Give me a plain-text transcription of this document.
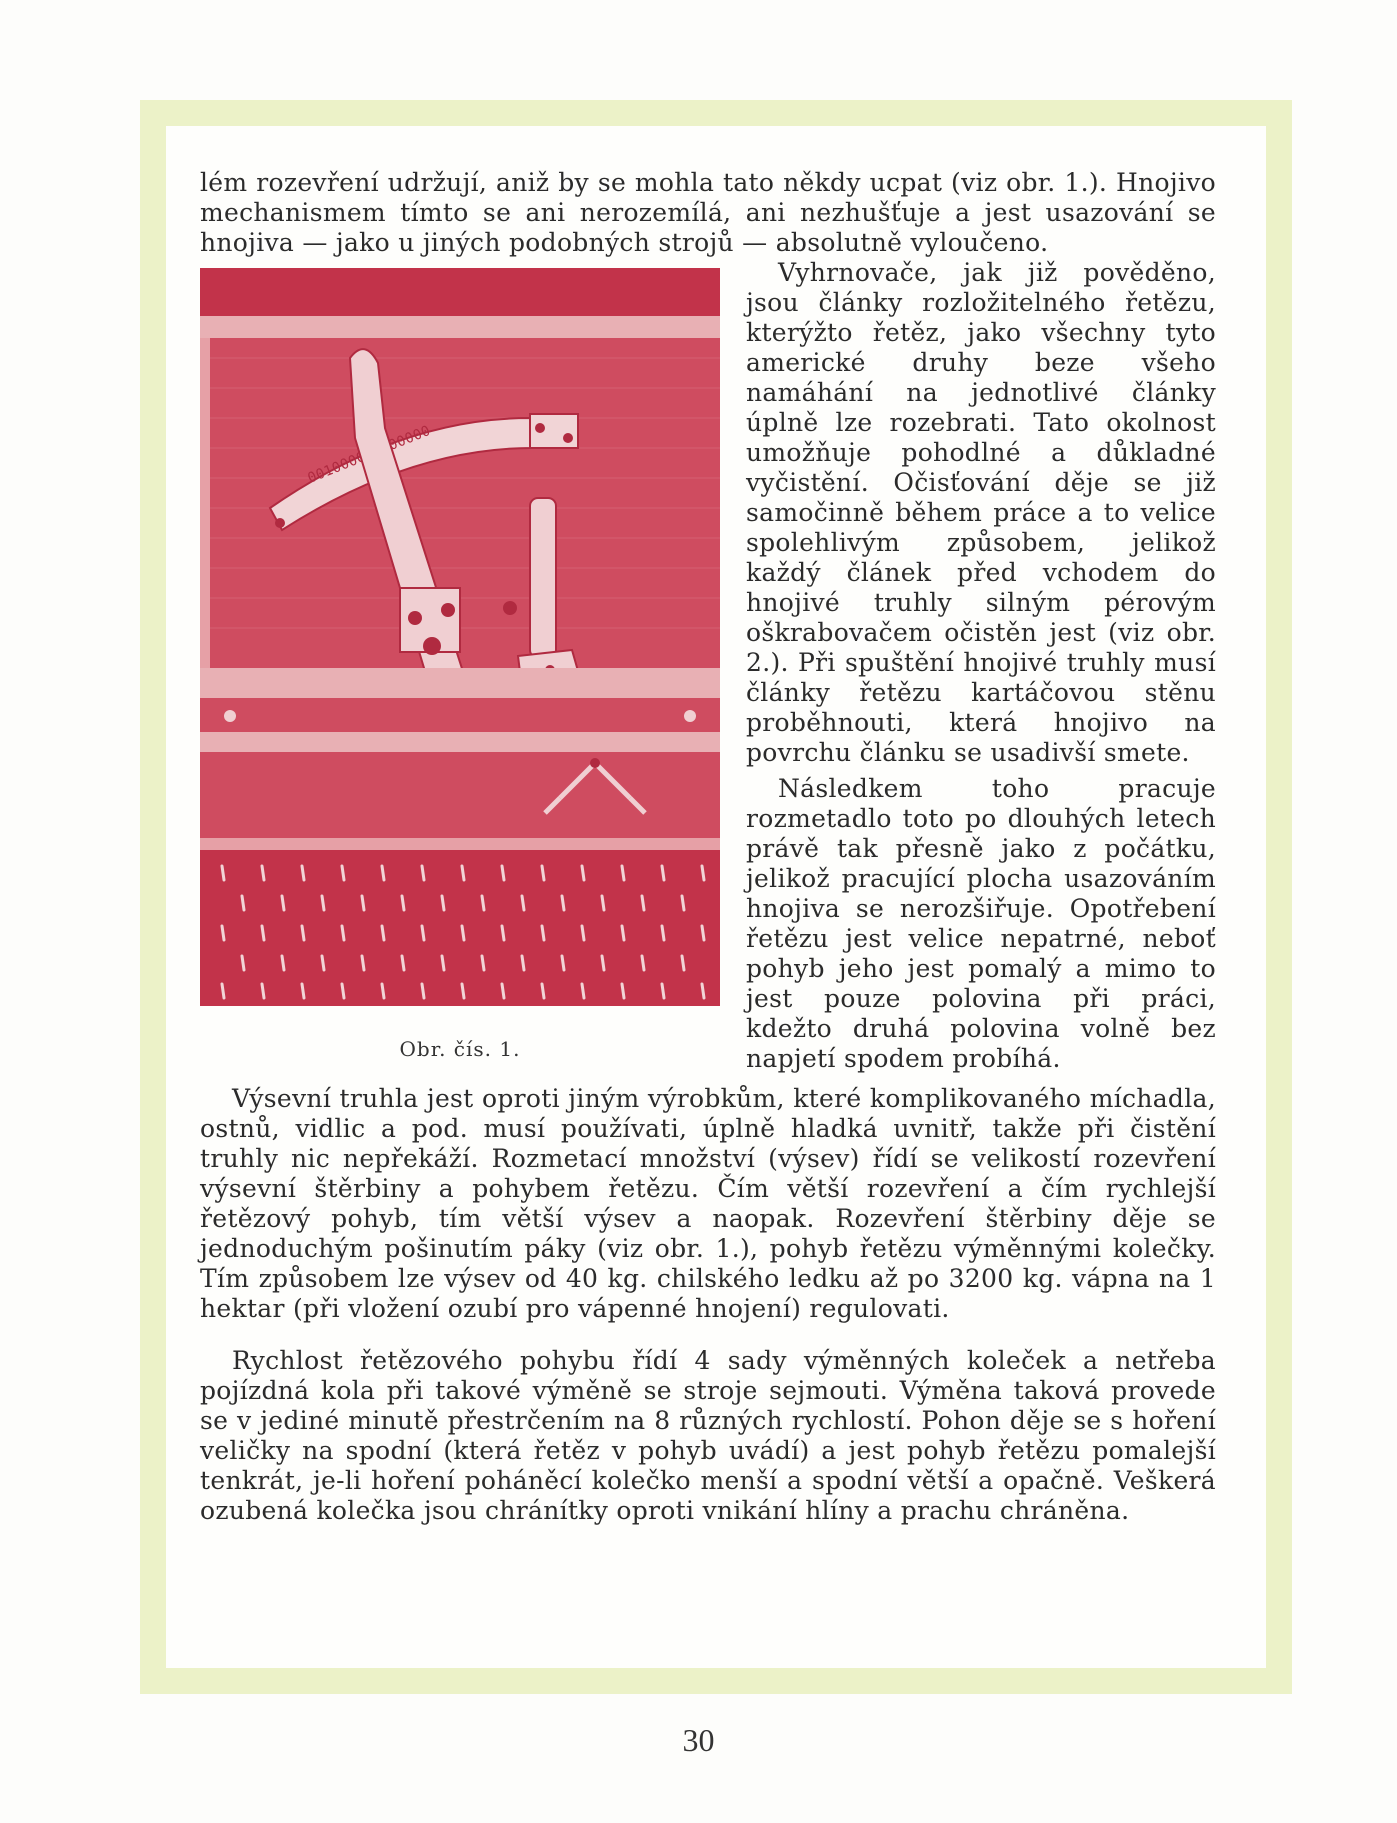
lém rozevření udržují, aniž by se mohla tato někdy ucpat (viz obr. 1.). Hnojivo mechanismem tímto se ani nerozemílá, ani nezhušťuje a jest usazování se hnojiva — jako u jiných podobných strojů — absolutně vyloučeno.

Obr. čís. 1.

Vyhrnovače, jak již pověděno, jsou články rozložitelného řetězu, kterýžto řetěz, jako všechny tyto americké druhy beze všeho namáhání na jednotlivé články úplně lze rozebrati. Tato okolnost umožňuje pohodlné a důkladné vyčistění. Očisťování děje se již samočinně během práce a to velice spolehlivým způsobem, jelikož každý článek před vchodem do hnojivé truhly silným pérovým oškrabovačem očistěn jest (viz obr. 2.). Při spuštění hnojivé truhly musí články řetězu kartáčovou stěnu proběhnouti, která hnojivo na povrchu článku se usadivší smete.

Následkem toho pracuje rozmetadlo toto po dlouhých letech právě tak přesně jako z počátku, jelikož pracující plocha usazováním hnojiva se nerozšiřuje. Opotřebení řetězu jest velice nepatrné, neboť pohyb jeho jest pomalý a mimo to jest pouze polovina při práci, kdežto druhá polovina volně bez napjetí spodem probíhá.

Výsevní truhla jest oproti jiným výrobkům, které komplikovaného míchadla, ostnů, vidlic a pod. musí používati, úplně hladká uvnitř, takže při čistění truhly nic nepřekáží. Rozmetací množství (výsev) řídí se velikostí rozevření výsevní štěrbiny a pohybem řetězu. Čím větší rozevření a čím rychlejší řetězový pohyb, tím větší výsev a naopak. Rozevření štěrbiny děje se jednoduchým pošinutím páky (viz obr. 1.), pohyb řetězu výměnnými kolečky. Tím způsobem lze výsev od 40 kg. chilského ledku až po 3200 kg. vápna na 1 hektar (při vložení ozubí pro vápenné hnojení) regulovati.

Rychlost řetězového pohybu řídí 4 sady výměnných koleček a netřeba pojízdná kola při takové výměně se stroje sejmouti. Výměna taková provede se v jediné minutě přestrčením na 8 různých rychlostí. Pohon děje se s hoření veličky na spodní (která řetěz v pohyb uvádí) a jest pohyb řetězu pomalejší tenkrát, je-li hoření poháněcí kolečko menší a spodní větší a opačně. Veškerá ozubená kolečka jsou chránítky oproti vnikání hlíny a prachu chráněna.

30
